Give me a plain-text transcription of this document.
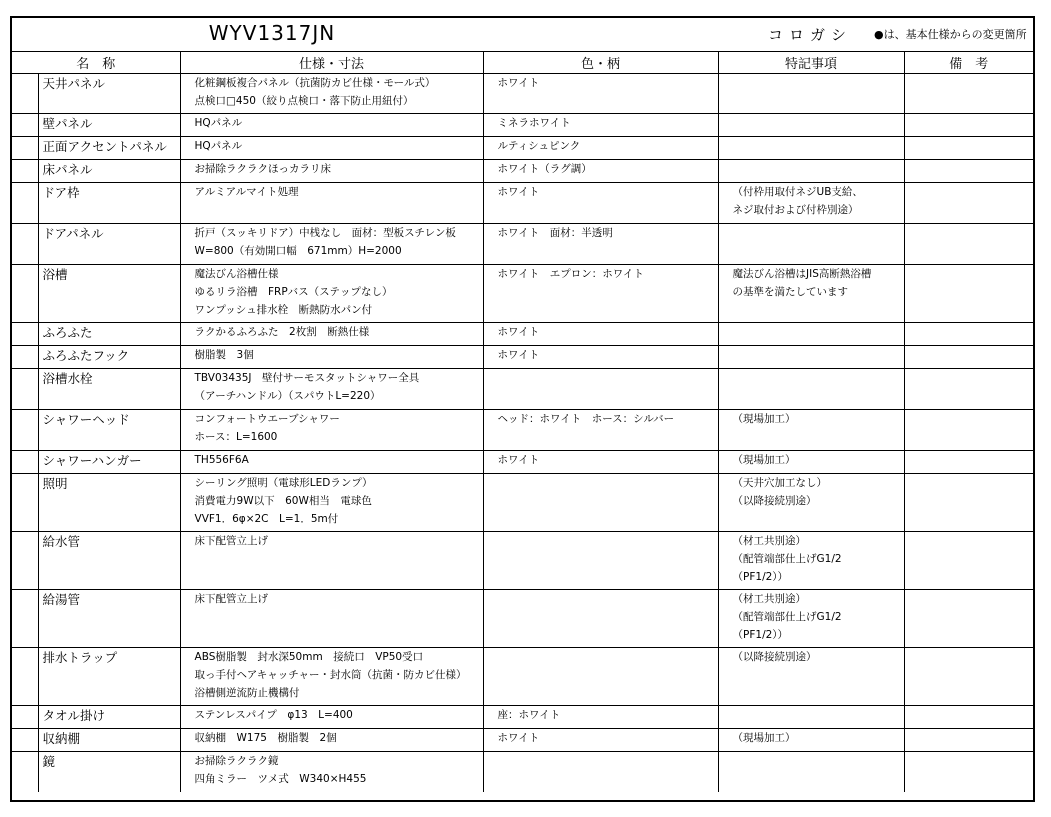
WYV1317JN	コロガシ ●は、基本仕様からの変更箇所
名　称		仕様・寸法	色・柄	特記事項	備　考
	天井パネル	化粧鋼板複合パネル（抗菌防カビ仕様・モール式）
点検口□450（絞り点検口・落下防止用紐付）	ホワイト		

	壁パネル	HQパネル	ミネラホワイト		

	正面アクセントパネル	HQパネル	ルティシュピンク		

	床パネル	お掃除ラクラクほっカラリ床	ホワイト（ラグ調）		

	ドア枠	アルミアルマイト処理	ホワイト	（付枠用取付ネジUB支給、
ネジ取付および付枠別途）	

	ドアパネル	折戸（スッキリドア）中桟なし　面材：型板スチレン板
W=800（有効開口幅　671mm）H=2000	ホワイト　面材：半透明		

	浴槽	魔法びん浴槽仕様
ゆるリラ浴槽　FRPバス（ステップなし）
ワンプッシュ排水栓　断熱防水パン付	ホワイト　エプロン：ホワイト	魔法びん浴槽はJIS高断熱浴槽
の基準を満たしています	

	ふろふた	ラクかるふろふた　2枚割　断熱仕様	ホワイト		

	ふろふたフック	樹脂製　3個	ホワイト		

	浴槽水栓	TBV03435J　壁付サーモスタットシャワー全具
（アーチハンドル）（スパウトL=220）			

	シャワーヘッド	コンフォートウエーブシャワー
ホース：L=1600	ヘッド：ホワイト　ホース：シルバー	（現場加工）	

	シャワーハンガー	TH556F6A	ホワイト	（現場加工）	

	照明	シーリング照明（電球形LEDランプ）
消費電力9W以下　60W相当　電球色
VVF1．6φ×2C　L=1．5m付		（天井穴加工なし）
（以降接続別途）	

	給水管	床下配管立上げ		（材工共別途）
（配管端部仕上げG1/2
（PF1/2））	

	給湯管	床下配管立上げ		（材工共別途）
（配管端部仕上げG1/2
（PF1/2））	

	排水トラップ	ABS樹脂製　封水深50mm　接続口　VP50受口
取っ手付ヘアキャッチャー・封水筒（抗菌・防カビ仕様）
浴槽側逆流防止機構付		（以降接続別途）	

	タオル掛け	ステンレスパイプ　φ13　L=400	座：ホワイト		

	収納棚	収納棚　W175　樹脂製　2個	ホワイト	（現場加工）	

	鏡	お掃除ラクラク鏡
四角ミラー　ツメ式　W340×H455			
